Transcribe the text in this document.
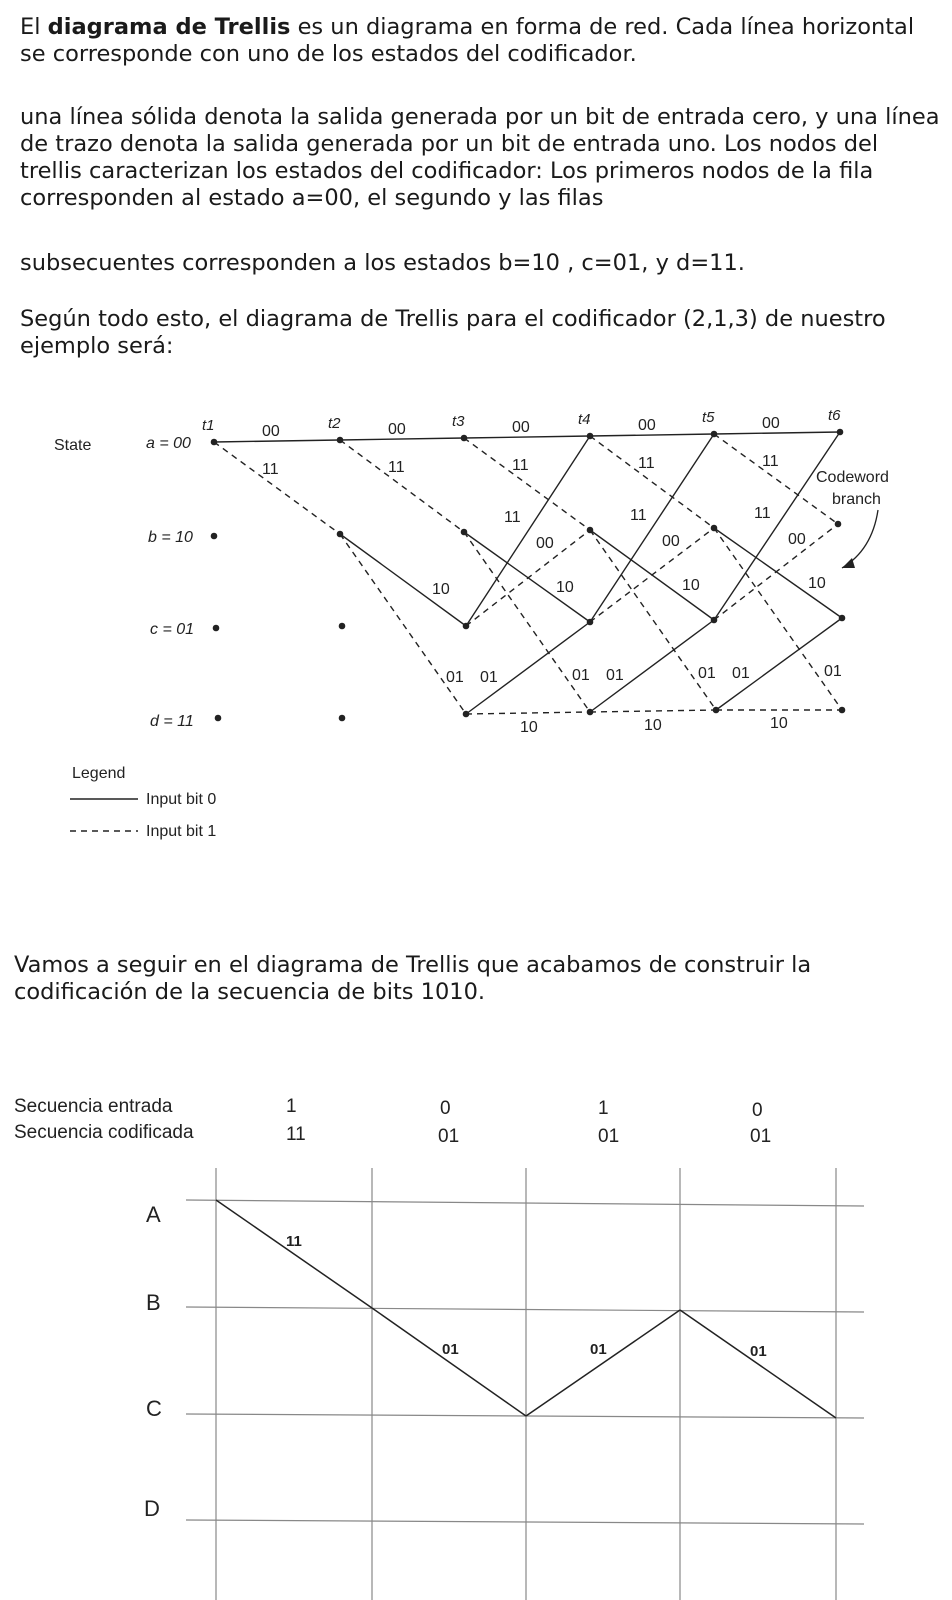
El diagrama de Trellis es un diagrama en forma de red. Cada línea horizontal se corresponde con uno de los estados del codificador.

una línea sólida denota la salida generada por un bit de entrada cero, y una línea de trazo denota la salida generada por un bit de entrada uno. Los nodos del trellis caracterizan los estados del codificador: Los primeros nodos de la fila corresponden al estado a=00, el segundo y las filas

subsecuentes corresponden a los estados b=10 , c=01, y d=11.

Según todo esto, el diagrama de Trellis para el codificador (2,1,3) de nuestro ejemplo será:

State	a = 00
b = 10
c = 01
d = 11
t1	t2	t3	t4	t5	t6
00	00	00	00	00
11	11	11	11	11
11	11	11
00	00	00
10	10	10	10
01 01	01 01	01 01	01
10	10	10
Codeword
branch
Legend
Input bit 0
Input bit 1

Vamos a seguir en el diagrama de Trellis que acabamos de construir la codificación de la secuencia de bits 1010.

Secuencia entrada
Secuencia codificada
1	0	1	0
11	01	01	01
A
B
C
D
11
01	01	01
